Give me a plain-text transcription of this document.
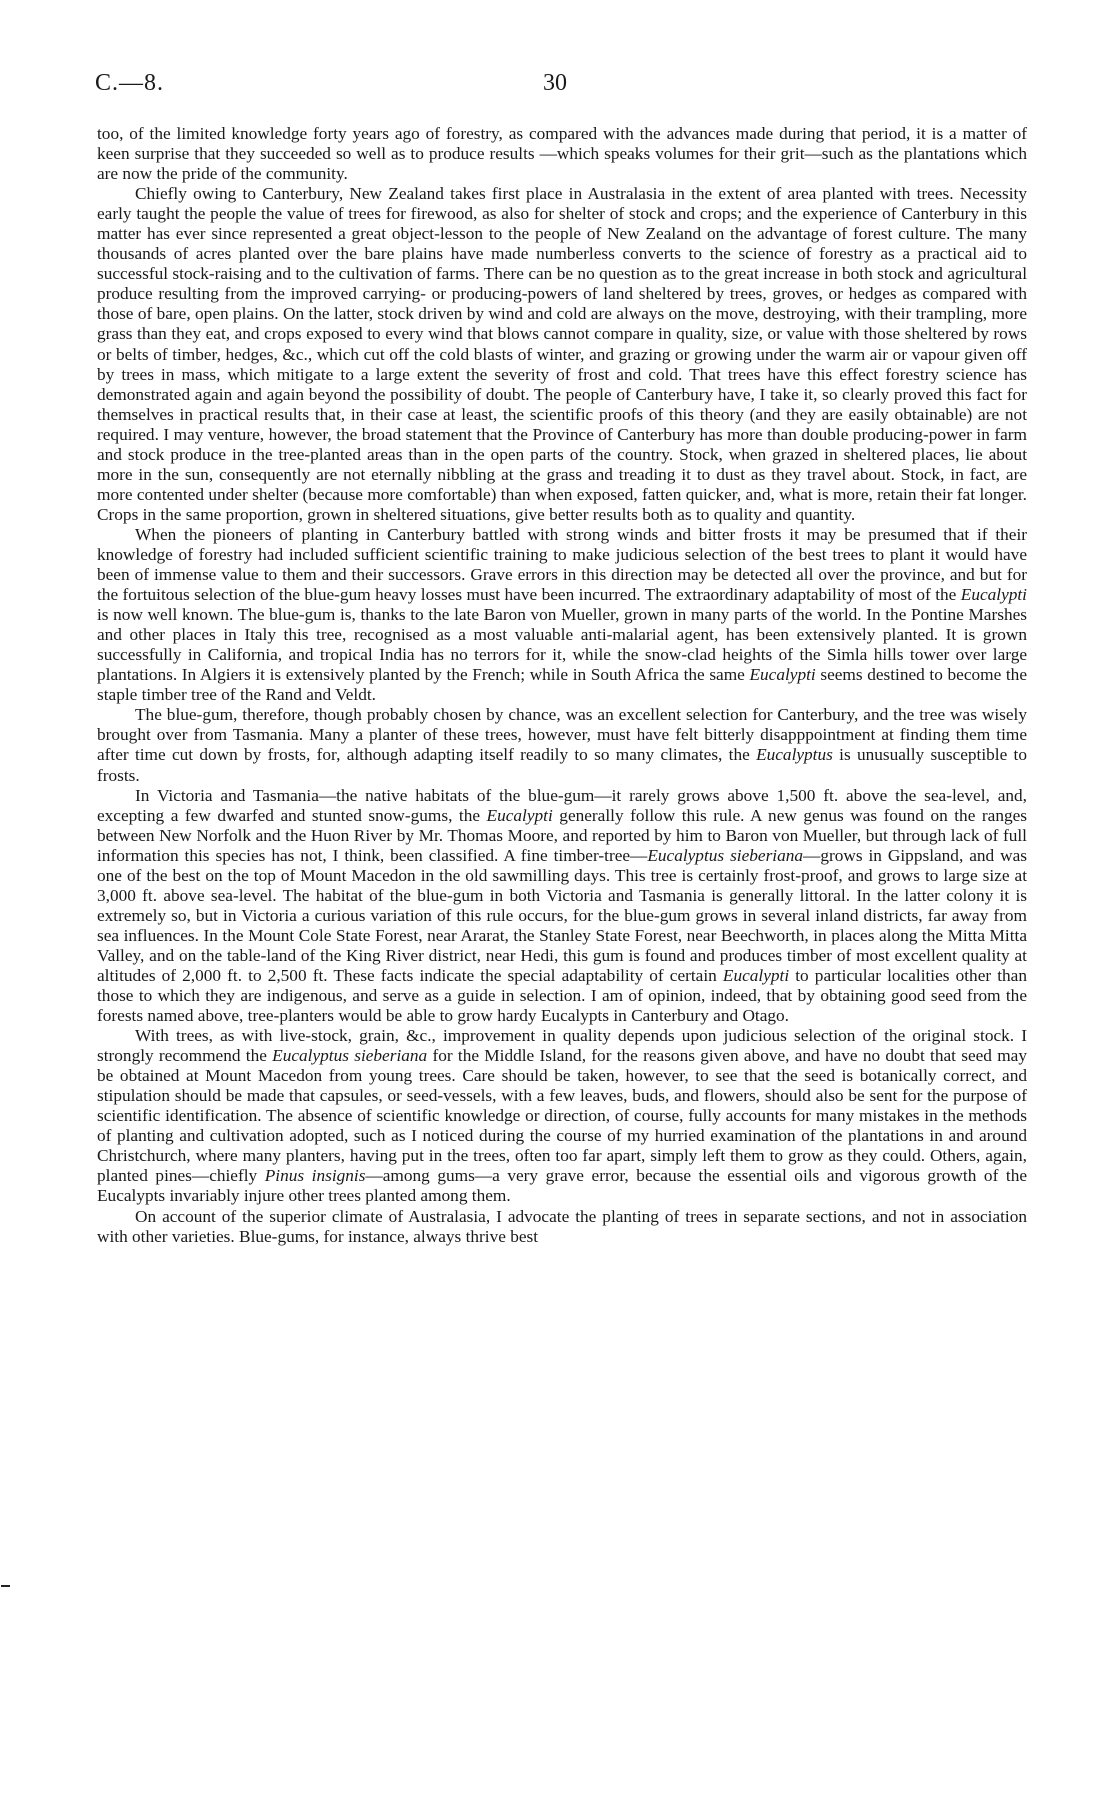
C.—8.	30

too, of the limited knowledge forty years ago of forestry, as compared with the advances made during that period, it is a matter of keen surprise that they succeeded so well as to produce results —which speaks volumes for their grit—such as the plantations which are now the pride of the community.

Chiefly owing to Canterbury, New Zealand takes first place in Australasia in the extent of area planted with trees. Necessity early taught the people the value of trees for firewood, as also for shelter of stock and crops; and the experience of Canterbury in this matter has ever since represented a great object-lesson to the people of New Zealand on the advantage of forest culture. The many thousands of acres planted over the bare plains have made numberless converts to the science of forestry as a practical aid to successful stock-raising and to the cultivation of farms. There can be no question as to the great increase in both stock and agricultural produce resulting from the improved carrying- or producing-powers of land sheltered by trees, groves, or hedges as compared with those of bare, open plains. On the latter, stock driven by wind and cold are always on the move, destroying, with their trampling, more grass than they eat, and crops exposed to every wind that blows cannot compare in quality, size, or value with those sheltered by rows or belts of timber, hedges, &c., which cut off the cold blasts of winter, and grazing or growing under the warm air or vapour given off by trees in mass, which mitigate to a large extent the severity of frost and cold. That trees have this effect forestry science has demonstrated again and again beyond the possibility of doubt. The people of Canterbury have, I take it, so clearly proved this fact for themselves in practical results that, in their case at least, the scientific proofs of this theory (and they are easily obtainable) are not required. I may venture, however, the broad statement that the Province of Canterbury has more than double producing-power in farm and stock produce in the tree-planted areas than in the open parts of the country. Stock, when grazed in sheltered places, lie about more in the sun, consequently are not eternally nibbling at the grass and treading it to dust as they travel about. Stock, in fact, are more contented under shelter (because more comfortable) than when exposed, fatten quicker, and, what is more, retain their fat longer. Crops in the same proportion, grown in sheltered situations, give better results both as to quality and quantity.

When the pioneers of planting in Canterbury battled with strong winds and bitter frosts it may be presumed that if their knowledge of forestry had included sufficient scientific training to make judicious selection of the best trees to plant it would have been of immense value to them and their successors. Grave errors in this direction may be detected all over the province, and but for the fortuitous selection of the blue-gum heavy losses must have been incurred. The extraordinary adaptability of most of the Eucalypti is now well known. The blue-gum is, thanks to the late Baron von Mueller, grown in many parts of the world. In the Pontine Marshes and other places in Italy this tree, recognised as a most valuable anti-malarial agent, has been extensively planted. It is grown successfully in California, and tropical India has no terrors for it, while the snow-clad heights of the Simla hills tower over large plantations. In Algiers it is extensively planted by the French; while in South Africa the same Eucalypti seems destined to become the staple timber tree of the Rand and Veldt.

The blue-gum, therefore, though probably chosen by chance, was an excellent selection for Canterbury, and the tree was wisely brought over from Tasmania. Many a planter of these trees, however, must have felt bitterly disapppointment at finding them time after time cut down by frosts, for, although adapting itself readily to so many climates, the Eucalyptus is unusually susceptible to frosts.

In Victoria and Tasmania—the native habitats of the blue-gum—it rarely grows above 1,500 ft. above the sea-level, and, excepting a few dwarfed and stunted snow-gums, the Eucalypti generally follow this rule. A new genus was found on the ranges between New Norfolk and the Huon River by Mr. Thomas Moore, and reported by him to Baron von Mueller, but through lack of full information this species has not, I think, been classified. A fine timber-tree—Eucalyptus sieberiana—grows in Gippsland, and was one of the best on the top of Mount Macedon in the old sawmilling days. This tree is certainly frost-proof, and grows to large size at 3,000 ft. above sea-level. The habitat of the blue-gum in both Victoria and Tasmania is generally littoral. In the latter colony it is extremely so, but in Victoria a curious variation of this rule occurs, for the blue-gum grows in several inland districts, far away from sea influences. In the Mount Cole State Forest, near Ararat, the Stanley State Forest, near Beechworth, in places along the Mitta Mitta Valley, and on the table-land of the King River district, near Hedi, this gum is found and produces timber of most excellent quality at altitudes of 2,000 ft. to 2,500 ft. These facts indicate the special adaptability of certain Eucalypti to particular localities other than those to which they are indigenous, and serve as a guide in selection. I am of opinion, indeed, that by obtaining good seed from the forests named above, tree-planters would be able to grow hardy Eucalypts in Canterbury and Otago.

With trees, as with live-stock, grain, &c., improvement in quality depends upon judicious selection of the original stock. I strongly recommend the Eucalyptus sieberiana for the Middle Island, for the reasons given above, and have no doubt that seed may be obtained at Mount Macedon from young trees. Care should be taken, however, to see that the seed is botanically correct, and stipulation should be made that capsules, or seed-vessels, with a few leaves, buds, and flowers, should also be sent for the purpose of scientific identification. The absence of scientific knowledge or direction, of course, fully accounts for many mistakes in the methods of planting and cultivation adopted, such as I noticed during the course of my hurried examination of the plantations in and around Christchurch, where many planters, having put in the trees, often too far apart, simply left them to grow as they could. Others, again, planted pines—chiefly Pinus insignis—among gums—a very grave error, because the essential oils and vigorous growth of the Eucalypts invariably injure other trees planted among them.

On account of the superior climate of Australasia, I advocate the planting of trees in separate sections, and not in association with other varieties. Blue-gums, for instance, always thrive best
